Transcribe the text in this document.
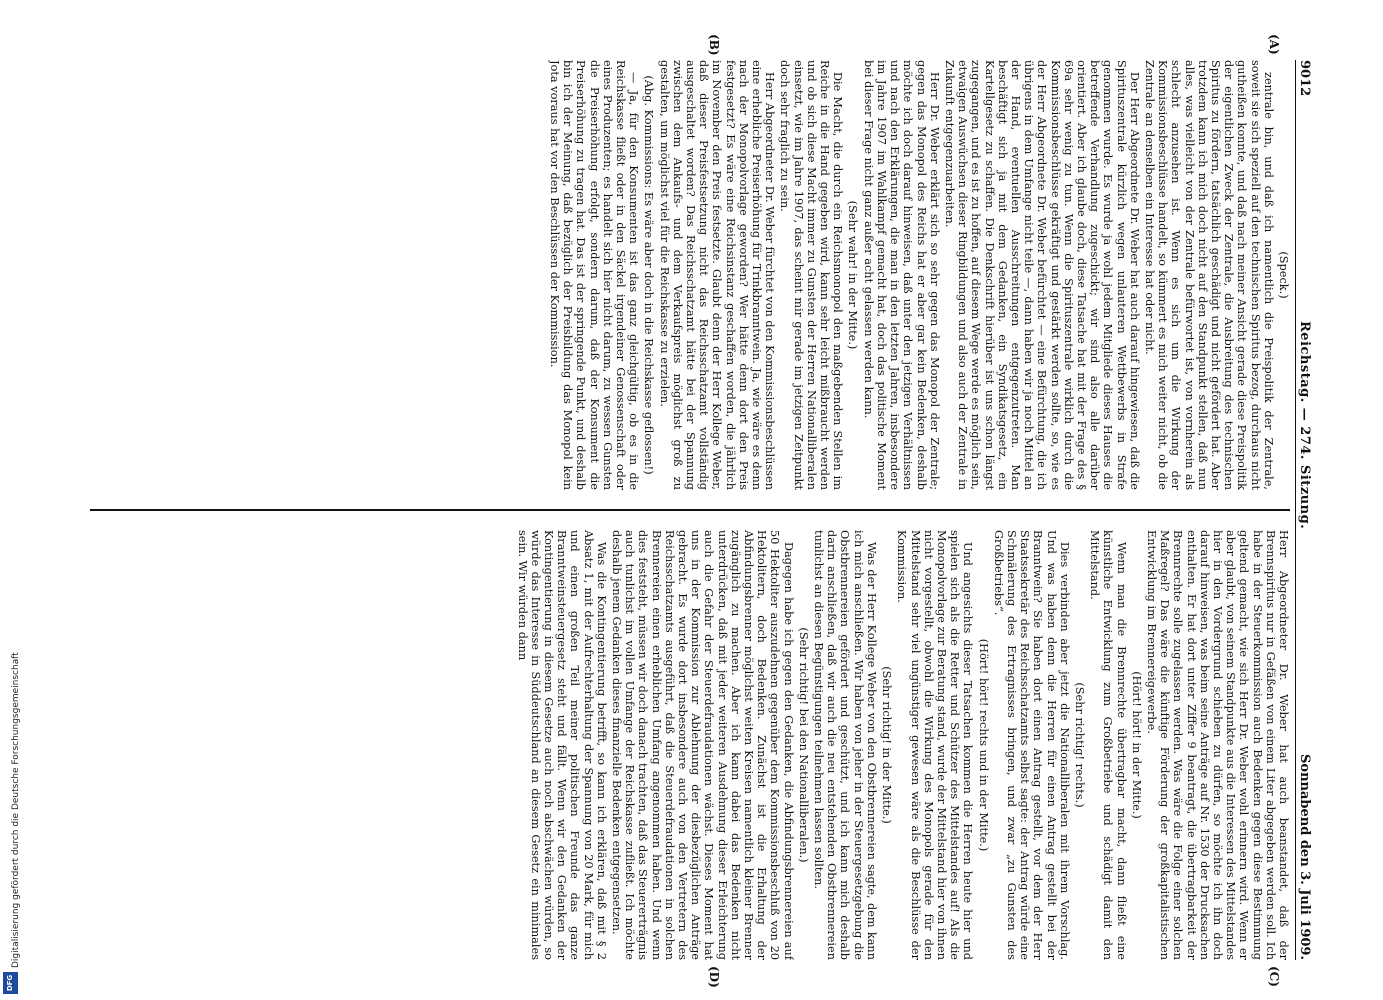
Digitalisierung gefördert durch die Deutsche Forschungsgemeinschaft
DFG
9012
Reichstag. — 274. Sitzung.
Sonnabend den 3. Juli 1909.

(Speck.)

zentrale bin, und daß ich namentlich die Preispolitik der Zentrale, soweit sie sich speziell auf den technischen Spiritus bezog, durchaus nicht gutheißen konnte, und daß nach meiner Ansicht gerade diese Preispolitik der eigentlichen Zweck der Zentrale, die Ausbreitung des technischen Spiritus zu fördern, tatsächlich geschädigt und nicht gefördert hat. Aber trotzdem kann ich mich doch nicht auf den Standpunkt stellen, daß nun alles, was vielleicht von der Zentrale befürwortet ist, von vornherein als schlecht anzusehen ist. Wenn es sich um die Wirkung der Kommissionsbeschlüsse handelt, so kümmert es mich weiter nicht, ob die Zentrale an denselben ein Interesse hat oder nicht.

Der Herr Abgeordnete Dr. Weber hat auch darauf hingewiesen, daß die Spirituszentrale kürzlich wegen unlauteren Wettbewerbs in Strafe genommen wurde. Es wurde ja wohl jedem Mitgliede dieses Hauses die betreffende Verhandlung zugeschickt; wir sind also alle darüber orientiert. Aber ich glaube doch, diese Tatsache hat mit der Frage des § 69a sehr wenig zu tun. Wenn die Spirituszentrale wirklich durch die Kommissionsbeschlüsse gekräftigt und gestärkt werden sollte, so, wie es der Herr Abgeordnete Dr. Weber befürchtet — eine Befürchtung, die ich übrigens in dem Umfange nicht teile —, dann haben wir ja noch Mittel an der Hand, eventuellen Ausschreitungen entgegenzutreten. Man beschäftigt sich ja mit dem Gedanken, ein Syndikatsgesetz, ein Kartellgesetz zu schaffen. Die Denkschrift hierüber ist uns schon längst zugegangen, und es ist zu hoffen, auf diesem Wege werde es möglich sein, etwaigen Auswüchsen dieser Ringbildungen und also auch der Zentrale in Zukunft entgegenzuarbeiten.

Herr Dr. Weber erklärt sich so sehr gegen das Monopol der Zentrale; gegen das Monopol des Reichs hat er aber gar kein Bedenken, deshalb möchte ich doch darauf hinweisen, daß unter den jetzigen Verhältnissen und nach den Erklärungen, die man in den letzten Jahren, insbesondere im Jahre 1907 im Wahlkampf gemacht hat, doch das politische Moment bei dieser Frage nicht ganz außer acht gelassen werden kann.

(Sehr wahr! in der Mitte.)

Die Macht, die durch ein Reichsmonopol den maßgebenden Stellen im Reiche in die Hand gegeben wird, kann sehr leicht mißbraucht werden und ob sich diese Macht immer zu Gunsten der Herren Nationalliberalen einsetzt, wie im Jahre 1907, das scheint mir gerade im jetzigen Zeitpunkt doch sehr fraglich zu sein.

Herr Abgeordneter Dr. Weber fürchtet von den Kommissionsbeschlüssen eine erhebliche Preiserhöhung für Trinkbranntwein. Ja, wie wäre es denn nach der Monopolvorlage geworden? Wer hätte denn dort den Preis festgesetzt? Es wäre eine Reichsinstanz geschaffen worden, die jährlich im November den Preis festsetzte. Glaubt denn der Herr Kollege Weber, daß dieser Preisfestsetzung nicht das Reichsschatzamt vollständig ausgeschaltet worden? Das Reichsschatzamt hätte bei der Spannung zwischen dem Ankaufs- und dem Verkaufspreis möglichst groß zu gestalten, um möglichst viel für die Reichskasse zu erzielen.

(Abg. Kommissions: Es wäre aber doch in die Reichskasse geflossen!)

— Ja, für den Konsumenten ist das ganz gleichgültig, ob es in die Reichskasse fließt oder in den Säckel irgendeiner Genossenschaft oder eines Produzenten; es handelt sich hier nicht darum, zu wessen Gunsten die Preiserhöhung erfolgt, sondern darum, daß der Konsument die Preiserhöhung zu tragen hat. Das ist der springende Punkt, und deshalb bin ich der Meinung, daß bezüglich der Preisbildung das Monopol kein Jota voraus hat vor den Beschlüssen der Kommission.

Herr Abgeordneter Dr. Weber hat auch beanstandet, daß der Brennspiritus nur in Gefäßen von einem Liter abgegeben werden soll. Ich habe in der Steuerkommission auch Bedenken gegen diese Bestimmung geltend gemacht, wie sich Herr Dr. Weber wohl erinnern wird. Wenn er aber glaubt, von seinem Standpunkte aus die Interessen des Mittelstandes hier in den Vordergrund schieben zu dürfen, so möchte ich ihn doch darauf hinweisen, was beim seine Anträge auf Nr. 1530 der Drucksachen enthalten. Er hat dort unter Ziffer 9 beantragt, die übertragbarkeit der Brennrechte solle zugelassen werden. Was wäre die Folge einer solchen Maßregel? Das wäre die künftige Förderung der großkapitalistischen Entwicklung im Brennereigewerbe.

(Hört! hört! in der Mitte.)

Wenn man die Brennrechte übertragbar macht, dann fließt eine künstliche Entwicklung zum Großbetriebe und schädigt damit den Mittelstand.

(Sehr richtig! rechts.)

Dies verbinden aber jetzt die Nationalliberalen mit ihrem Vorschlag. Und was haben denn die Herren für einen Antrag gestellt bei der Branntwein? Sie haben dort einen Antrag gestellt, vor dem der Herr Staatssekretär des Reichsschatzamts selbst sagte: der Antrag würde eine Schmälerung des Ertragnisses bringen, und zwar „zu Gunsten des Großbetriebs“.

(Hört! hört! rechts und in der Mitte.)

Und angesichts dieser Tatsachen kommen die Herren heute hier und spielen sich als die Retter und Schützer des Mittelstandes auf! Als die Monopolvorlage zur Beratung stand, wurde der Mittelstand hier von ihnen nicht vorgestellt, obwohl die Wirkung des Monopols gerade für den Mittelstand sehr viel ungünstiger gewesen wäre als die Beschlüsse der Kommission.

(Sehr richtig! in der Mitte.)

Was der Herr Kollege Weber von den Obstbrennereien sagte, dem kann ich mich anschließen. Wir haben von jeher in der Steuergesetzgebung die Obstbrennereien gefördert und geschützt, und ich kann mich deshalb darin anschließen, daß wir auch die neu entstehenden Obstbrennereien tunlichst an diesen Begünstigungen teilnehmen lassen sollten.

(Sehr richtig! bei den Nationalliberalen.)

Dagegen habe ich gegen den Gedanken, die Abfindungsbrennereien auf 50 Hektoliter auszudehnen gegenüber dem Kommissionsbeschluß von 20 Hektolitern, doch Bedenken. Zunächst ist die Erhaltung der Abfindungsbrenner möglichst weiten Kreisen namentlich kleiner Brenner zugänglich zu machen. Aber ich kann dabei das Bedenken nicht unterdrücken, daß mit jeder weiteren Ausdehnung dieser Erleichterung auch die Gefahr der Steuerdefraudationen wächst. Dieses Moment hat uns in der Kommission zur Ablehnung der diesbezüglichen Anträge gebracht. Es wurde dort insbesondere auch von den Vertretern des Reichsschatzamts ausgeführt, daß die Steuerdefraudationen in solchen Brennereien einen erheblichen Umfang angenommen haben. Und wenn dies feststeht, müssen wir doch danach trachten, daß das Steuererträgnis auch tunlichst im vollen Umfange der Reichskasse zufließt. Ich möchte deshalb jenem Gedanken dieses finanzielle Bedenken entgegensetzen.

Was die Kontingentierung betrifft, so kann ich erklären, daß mit § 2 Absatz 1, mit der Aufrechterhaltung der Spannung von 20 Mark, für mich und einen großen Teil meiner politischen Freunde das ganze Branntweinsteuergesetz steht und fällt. Wenn wir den Gedanken der Kontingentierung in diesem Gesetze auch noch abschwächen würden, so würde das Interesse in Süddeutschland an diesem Gesetz ein minimales sein. Wir würden dann

(A)
(B)
(C)
(D)
